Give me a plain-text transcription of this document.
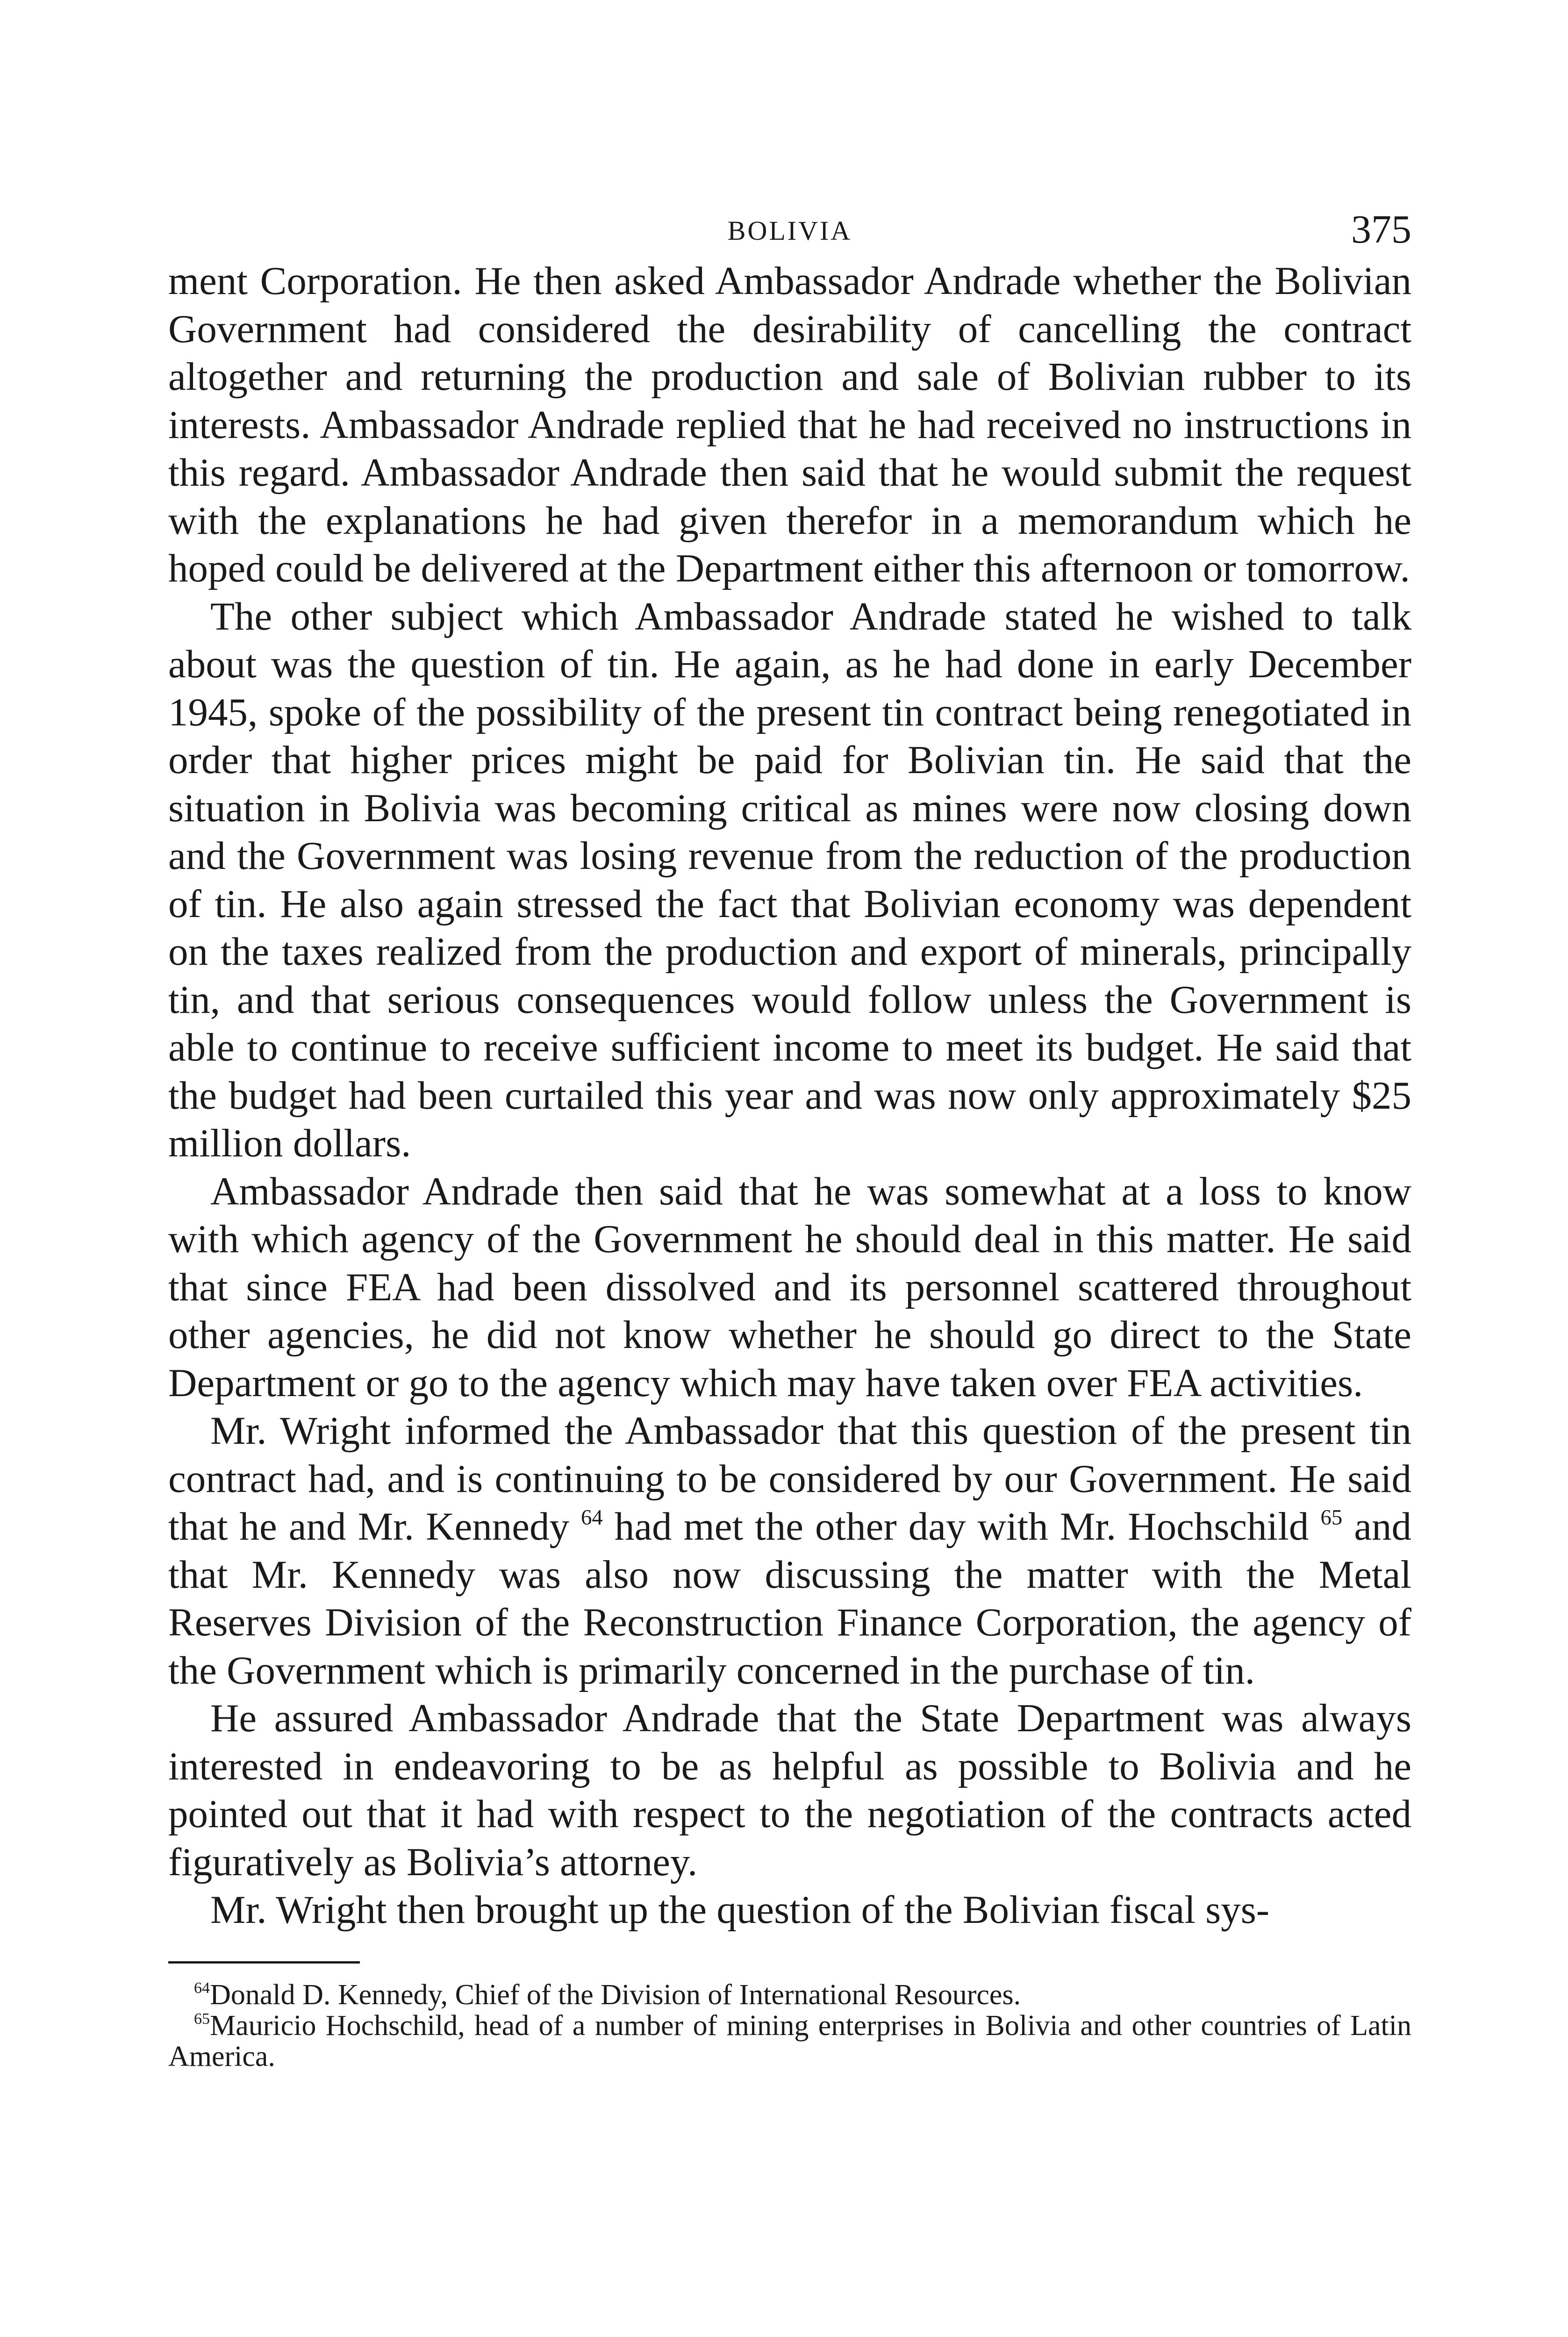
BOLIVIA	375

ment Corporation. He then asked Ambassador Andrade whether the Bolivian Government had considered the desirability of cancelling the contract altogether and returning the production and sale of Bolivian rubber to its interests. Ambassador Andrade replied that he had received no instructions in this regard. Ambassador Andrade then said that he would submit the request with the explanations he had given therefor in a memorandum which he hoped could be delivered at the Department either this afternoon or tomorrow.

The other subject which Ambassador Andrade stated he wished to talk about was the question of tin. He again, as he had done in early December 1945, spoke of the possibility of the present tin contract being renegotiated in order that higher prices might be paid for Bolivian tin. He said that the situation in Bolivia was becoming critical as mines were now closing down and the Government was losing revenue from the reduction of the production of tin. He also again stressed the fact that Bolivian economy was dependent on the taxes realized from the production and export of minerals, principally tin, and that serious consequences would follow unless the Government is able to continue to receive sufficient income to meet its budget. He said that the budget had been curtailed this year and was now only approximately $25 million dollars.

Ambassador Andrade then said that he was somewhat at a loss to know with which agency of the Government he should deal in this matter. He said that since FEA had been dissolved and its personnel scattered throughout other agencies, he did not know whether he should go direct to the State Department or go to the agency which may have taken over FEA activities.

Mr. Wright informed the Ambassador that this question of the present tin contract had, and is continuing to be considered by our Government. He said that he and Mr. Kennedy $^{64}$ had met the other day with Mr. Hochschild $^{65}$ and that Mr. Kennedy was also now discussing the matter with the Metal Reserves Division of the Reconstruction Finance Corporation, the agency of the Government which is primarily concerned in the purchase of tin.

He assured Ambassador Andrade that the State Department was always interested in endeavoring to be as helpful as possible to Bolivia and he pointed out that it had with respect to the negotiation of the contracts acted figuratively as Bolivia’s attorney.

Mr. Wright then brought up the question of the Bolivian fiscal sys-

$^{64}$Donald D. Kennedy, Chief of the Division of International Resources.

$^{65}$Mauricio Hochschild, head of a number of mining enterprises in Bolivia and other countries of Latin America.
